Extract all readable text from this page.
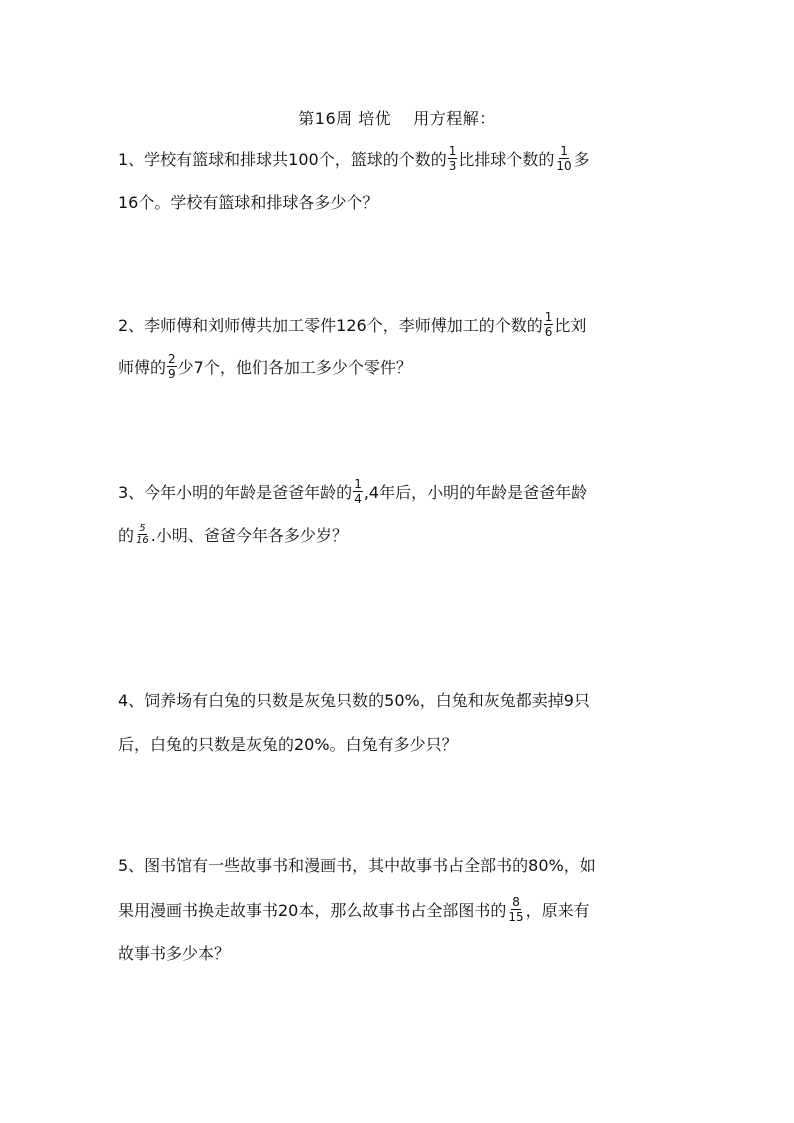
第16周 培优 用方程解：
1、学校有篮球和排球共100个，篮球的个数的 $\frac{1}{3}$ 比排球个数的 $\frac{1}{10}$ 多
16个。学校有篮球和排球各多少个？
2、李师傅和刘师傅共加工零件126个，李师傅加工的个数的 $\frac{1}{6}$ 比刘
师傅的 $\frac{2}{9}$ 少7个，他们各加工多少个零件？
3、今年小明的年龄是爸爸年龄的 $\frac{1}{4} ,4$年后，小明的年龄是爸爸年龄
的 $\frac{5}{16}$ .小明、爸爸今年各多少岁？
4、饲养场有白兔的只数是灰兔只数的50%，白兔和灰兔都卖掉9只
后，白兔的只数是灰兔的20%。白兔有多少只？
5、图书馆有一些故事书和漫画书，其中故事书占全部书的80%，如
果用漫画书换走故事书20本，那么故事书占全部图书的 $\frac{8}{15}$ ，原来有
故事书多少本？
